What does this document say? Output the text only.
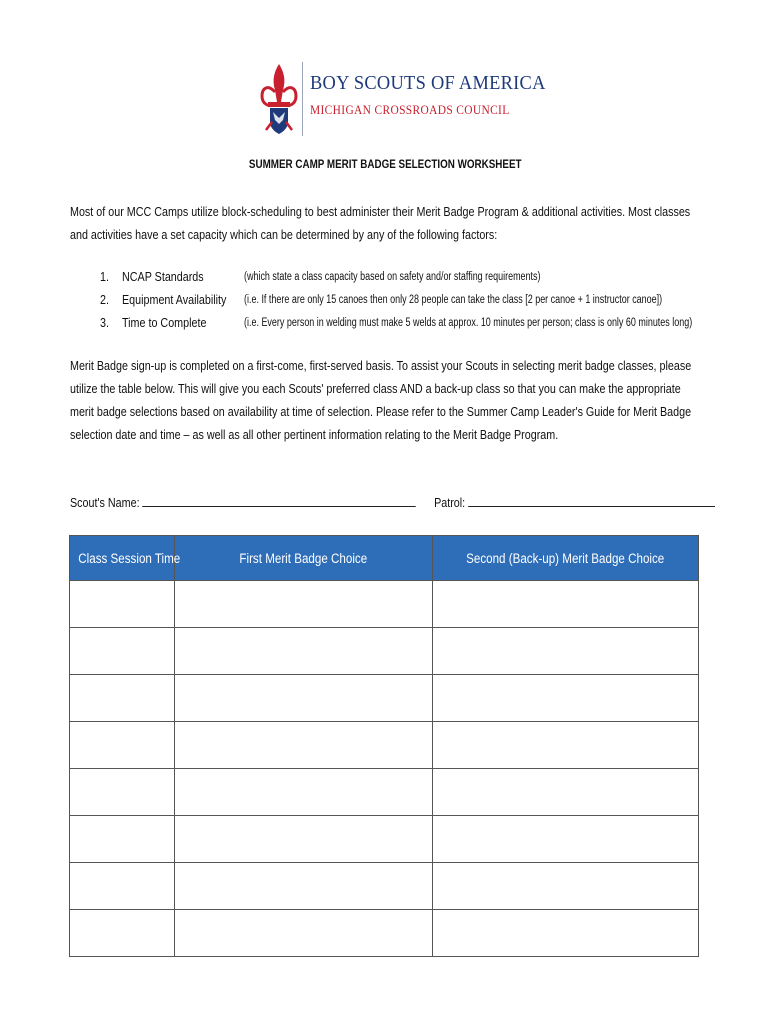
BOY SCOUTS OF AMERICA
MICHIGAN CROSSROADS COUNCIL
SUMMER CAMP MERIT BADGE SELECTION WORKSHEET
Most of our MCC Camps utilize block-scheduling to best administer their Merit Badge Program & additional activities. Most classes and activities have a set capacity which can be determined by any of the following factors:
1.	NCAP Standards	(which state a class capacity based on safety and/or staffing requirements)
2.	Equipment Availability (i.e. If there are only 15 canoes then only 28 people can take the class [2 per canoe + 1 instructor canoe])
3.	Time to Complete	(i.e. Every person in welding must make 5 welds at approx. 10 minutes per person; class is only 60 minutes long)
Merit Badge sign-up is completed on a first-come, first-served basis. To assist your Scouts in selecting merit badge classes, please utilize the table below. This will give you each Scouts' preferred class AND a back-up class so that you can make the appropriate merit badge selections based on availability at time of selection. Please refer to the Summer Camp Leader's Guide for Merit Badge selection date and time – as well as all other pertinent information relating to the Merit Badge Program.
Scout's Name:	Patrol:
Class Session Time	First Merit Badge Choice	Second (Back-up) Merit Badge Choice
